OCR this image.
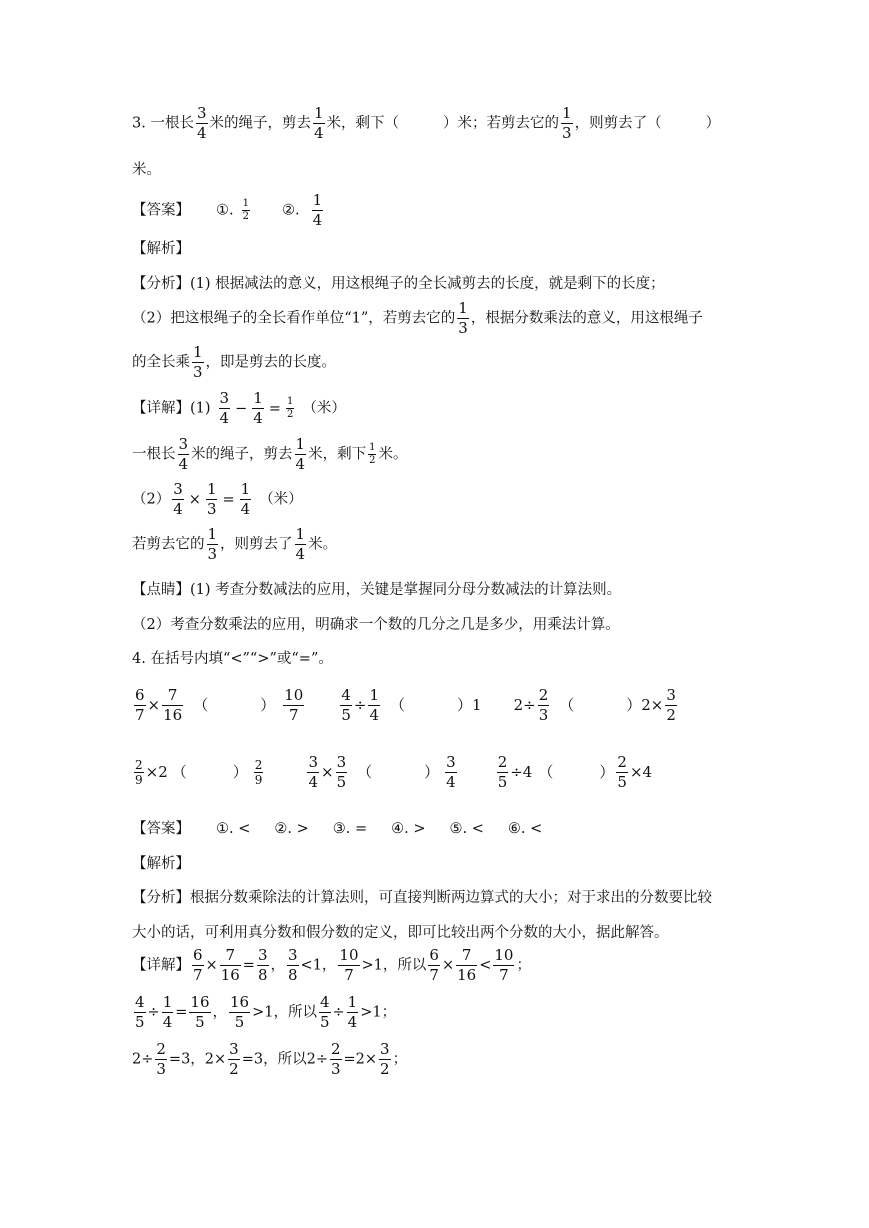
3. 一根长 $\frac{3}{4}$ 米的绳子，剪去 $\frac{1}{4}$ 米，剩下（	）米；若剪去它的 $\frac{1}{3}$ ，则剪去了（	）
米。
【答案】 ①. $\frac{1}{2}$ ②. $\frac{1}{4}$
【解析】
【分析】(1) 根据减法的意义，用这根绳子的全长减剪去的长度，就是剩下的长度；
（2）把这根绳子的全长看作单位“1”，若剪去它的 $\frac{1}{3}$ ，根据分数乘法的意义，用这根绳子
的全长乘 $\frac{1}{3}$ ，即是剪去的长度。
【详解】$(1) \frac{3}{4} - \frac{1}{4} = \frac{1}{2}$ （米）
一根长 $\frac{3}{4}$ 米的绳子，剪去 $\frac{1}{4}$ 米，剩下 $\frac{1}{2}$ 米。
$(2) \frac{3}{4} \times \frac{1}{3} = \frac{1}{4}$ （米）
若剪去它的 $\frac{1}{3}$ ，则剪去了 $\frac{1}{4}$ 米。
【点睛】(1) 考查分数减法的应用，关键是掌握同分母分数减法的计算法则。
（2）考查分数乘法的应用，明确求一个数的几分之几是多少，用乘法计算。
4. 在括号内填“<”“>”或“=”。
$\frac{6}{7} \times \frac{7}{16}$ （	） $\frac{10}{7} \frac{4}{5} \div \frac{1}{4}$ （	）1 $2\div \frac{2}{3}$ （	）$2\times \frac{3}{2}$
$\frac{2}{9} \times 2$ （	） $\frac{2}{9}$	$\frac{3}{4} \times \frac{3}{5}$ （	） $\frac{3}{4}$	$\frac{2}{5} \div 4$ （	） $\frac{2}{5} \times 4$
【答案】 ①. < ②. > ③. = ④. > ⑤. < ⑥. <
【解析】
【分析】根据分数乘除法的计算法则，可直接判断两边算式的大小；对于求出的分数要比较
大小的话，可利用真分数和假分数的定义，即可比较出两个分数的大小，据此解答。
【详解】 $\frac{6}{7} \times \frac{7}{16} = \frac{3}{8}$ ， $\frac{3}{8} <1$， $\frac{10}{7} >1$，所以 $\frac{6}{7} \times \frac{7}{16} < \frac{10}{7}$ ；
$\frac{4}{5} \div \frac{1}{4} = \frac{16}{5}$ ， $\frac{16}{5} >1$，所以 $\frac{4}{5} \div \frac{1}{4} >1$；
$2\div \frac{2}{3} =3$，$2\times \frac{3}{2} =3$，所以$2\div \frac{2}{3} =2\times \frac{3}{2}$ ；
